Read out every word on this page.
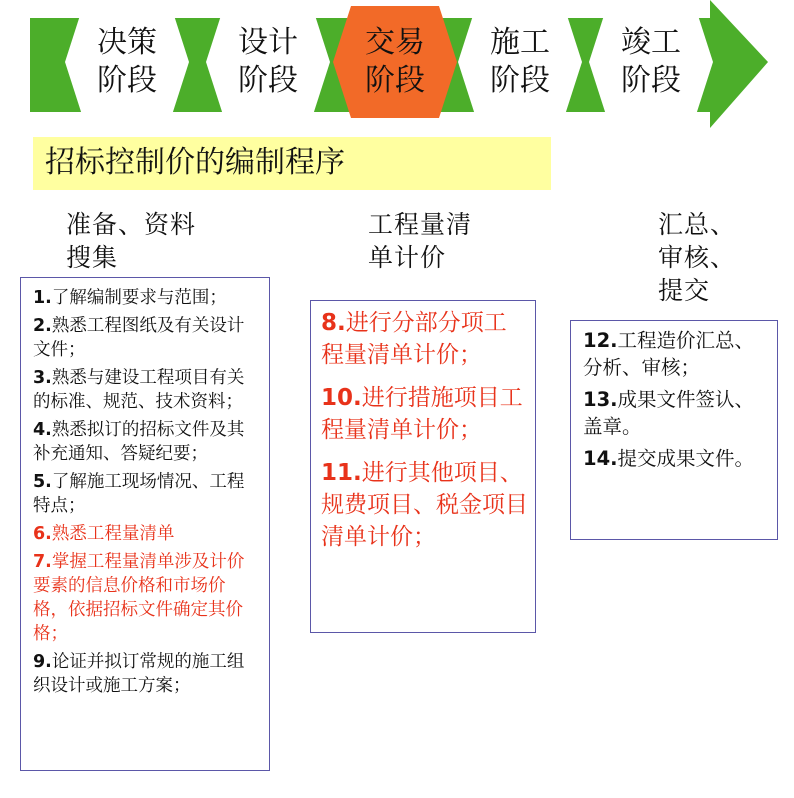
决策
阶段
设计
阶段
交易
阶段
施工
阶段
竣工
阶段
招标控制价的编制程序
准备、资料
搜集
工程量清
单计价
汇总、
审核、
提交
1.了解编制要求与范围；
2.熟悉工程图纸及有关设计文件；
3.熟悉与建设工程项目有关的标准、规范、技术资料；
4.熟悉拟订的招标文件及其补充通知、答疑纪要；
5.了解施工现场情况、工程特点；
6.熟悉工程量清单
7.掌握工程量清单涉及计价要素的信息价格和市场价格，依据招标文件确定其价格；
9.论证并拟订常规的施工组织设计或施工方案；
8.进行分部分项工程量清单计价；
10.进行措施项目工程量清单计价；
11.进行其他项目、规费项目、税金项目清单计价；
12.工程造价汇总、分析、审核；
13.成果文件签认、盖章。
14.提交成果文件。
